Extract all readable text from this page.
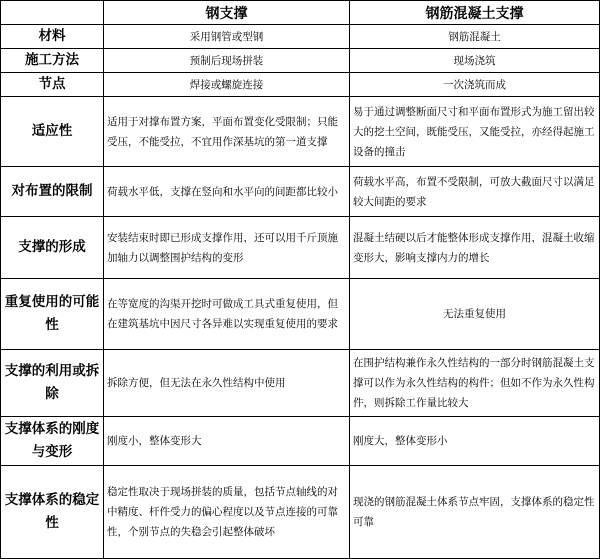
	钢支撑	钢筋混凝土支撑
材料	采用钢管或型钢	钢筋混凝土
施工方法	预制后现场拼装	现场浇筑
节点	焊接或螺旋连接	一次浇筑而成
适应性	适用于对撑布置方案，平面布置变化受限制；只能受压，不能受拉，不宜用作深基坑的第一道支撑	易于通过调整断面尺寸和平面布置形式为施工留出较大的挖土空间，既能受压，又能受拉，亦经得起施工设备的撞击
对布置的限制	荷载水平低，支撑在竖向和水平向的间距都比较小	荷载水平高，布置不受限制，可放大截面尺寸以满足较大间距的要求
支撑的形成	安装结束时即已形成支撑作用，还可以用千斤顶施加轴力以调整围护结构的变形	混凝土结硬以后才能整体形成支撑作用，混凝土收缩变形大，影响支撑内力的增长
重复使用的可能性	在等宽度的沟渠开挖时可做成工具式重复使用，但在建筑基坑中因尺寸各异难以实现重复使用的要求	无法重复使用
支撑的利用或拆除	拆除方便，但无法在永久性结构中使用	在围护结构兼作永久性结构的一部分时钢筋混凝土支撑可以作为永久性结构的构件；但如不作为永久性构件，则拆除工作量比较大
支撑体系的刚度与变形	刚度小，整体变形大	刚度大，整体变形小
支撑体系的稳定性	稳定性取决于现场拼装的质量，包括节点轴线的对中精度、杆件受力的偏心程度以及节点连接的可靠性，个别节点的失稳会引起整体破坏	现浇的钢筋混凝土体系节点牢固，支撑体系的稳定性可靠
